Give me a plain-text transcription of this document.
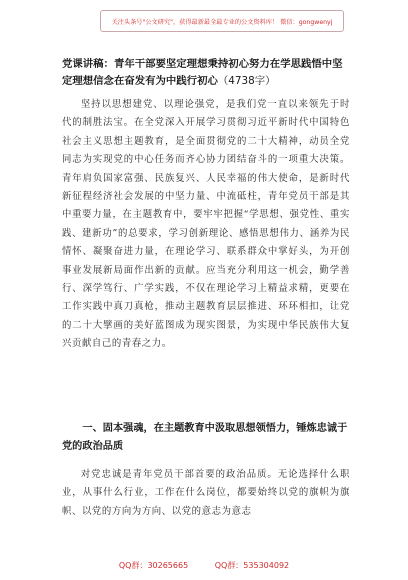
关注头条号"公文研究"，获得最新最全最专业的公文资料库！ 微信：gongwenyj
党课讲稿：青年干部要坚定理想秉持初心努力在学思践悟中坚定理想信念在奋发有为中践行初心（4738字）

坚持以思想建党、以理论强党，是我们党一直以来领先于时代的制胜法宝。在全党深入开展学习贯彻习近平新时代中国特色社会主义思想主题教育，是全面贯彻党的二十大精神，动员全党同志为实现党的中心任务而齐心协力团结奋斗的一项重大决策。青年肩负国家富强、民族复兴、人民幸福的伟大使命，是新时代新征程经济社会发展的中坚力量、中流砥柱，青年党员干部是其中重要力量，在主题教育中，要牢牢把握“学思想、强党性、重实践、建新功”的总要求，学习创新理论、感悟思想伟力、涵养为民情怀、凝聚奋进力量，在理论学习、联系群众中掌好头，为开创事业发展新局面作出新的贡献。应当充分利用这一机会，勤学善行、深学笃行、广学实践，不仅在理论学习上精益求精，更要在工作实践中真刀真枪，推动主题教育层层推进、环环相扣，让党的二十大擘画的美好蓝图成为现实图景，为实现中华民族伟大复兴贡献自己的青春之力。

一、固本强魂，在主题教育中汲取思想领悟力，锤炼忠诚于党的政治品质

对党忠诚是青年党员干部首要的政治品质。无论选择什么职业，从事什么行业，工作在什么岗位，都要始终以党的旗帜为旗帜、以党的方向为方向、以党的意志为意志

QQ群：30265665	QQ群：535304092
